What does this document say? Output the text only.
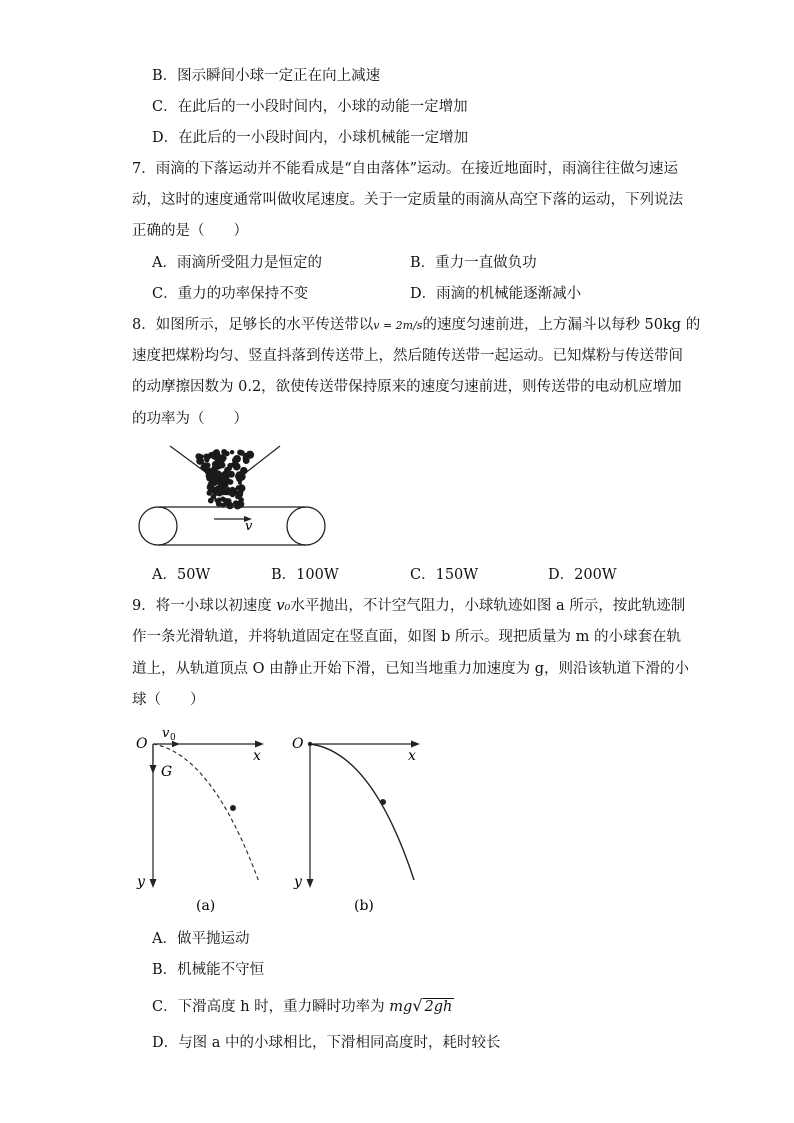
B．图示瞬间小球一定正在向上减速
C．在此后的一小段时间内，小球的动能一定增加
D．在此后的一小段时间内，小球机械能一定增加
7．雨滴的下落运动并不能看成是“自由落体”运动。在接近地面时，雨滴往往做匀速运
动，这时的速度通常叫做收尾速度。关于一定质量的雨滴从高空下落的运动，下列说法
正确的是（　　）
A．雨滴所受阻力是恒定的	B．重力一直做负功
C．重力的功率保持不变	D．雨滴的机械能逐渐减小
8．如图所示，足够长的水平传送带以v = 2m/s的速度匀速前进，上方漏斗以每秒 50kg 的
速度把煤粉均匀、竖直抖落到传送带上，然后随传送带一起运动。已知煤粉与传送带间
的动摩擦因数为 0.2，欲使传送带保持原来的速度匀速前进，则传送带的电动机应增加
的功率为（　　）
v
A．50W	B．100W	C．150W	D．200W
9．将一小球以初速度 v₀水平抛出，不计空气阻力，小球轨迹如图 a 所示，按此轨迹制
作一条光滑轨道，并将轨道固定在竖直面，如图 b 所示。现把质量为 m 的小球套在轨
道上，从轨道顶点 O 由静止开始下滑，已知当地重力加速度为 g，则沿该轨道下滑的小
球（　　）
O
v 0
G
x
y
(a)
O
x
y
(b)
A．做平抛运动
B．机械能不守恒
C．下滑高度 h 时，重力瞬时功率为 mg√ 2gh
D．与图 a 中的小球相比，下滑相同高度时，耗时较长
